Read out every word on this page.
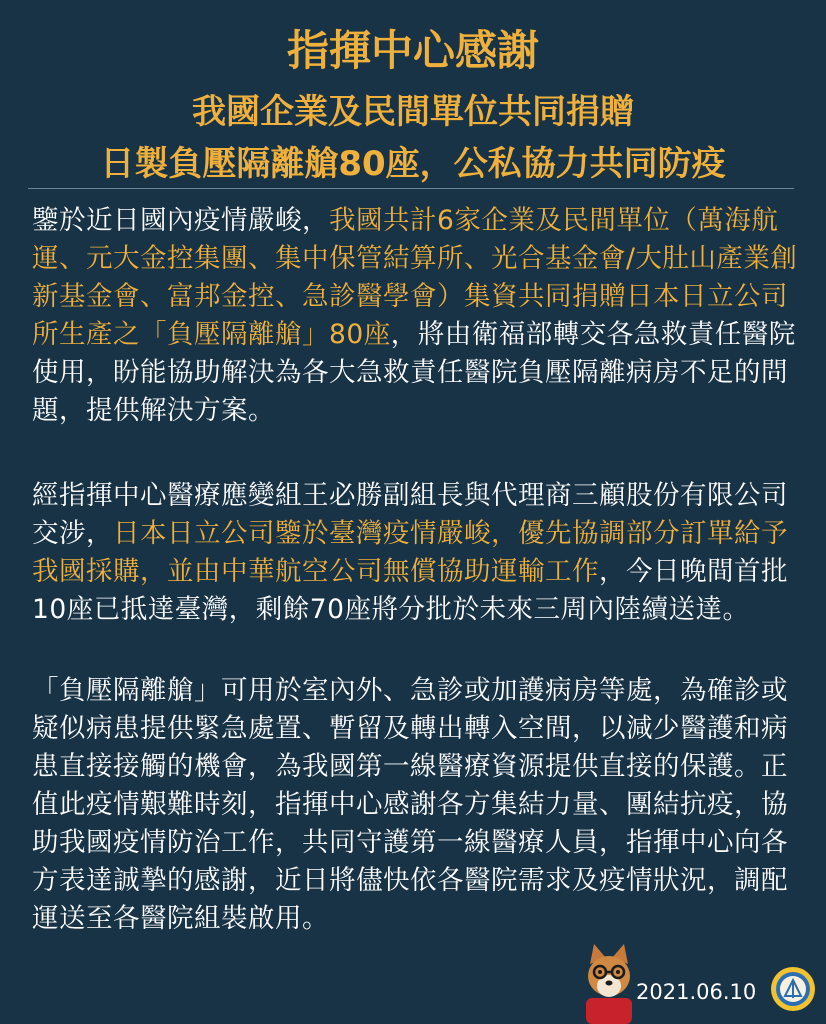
指揮中心感謝
我國企業及民間單位共同捐贈
日製負壓隔離艙80座，公私協力共同防疫

鑒於近日國內疫情嚴峻，我國共計6家企業及民間單位（萬海航運、元大金控集團、集中保管結算所、光合基金會/大肚山產業創新基金會、富邦金控、急診醫學會）集資共同捐贈日本日立公司所生產之「負壓隔離艙」80座，將由衛福部轉交各急救責任醫院使用，盼能協助解決為各大急救責任醫院負壓隔離病房不足的問題，提供解決方案。

經指揮中心醫療應變組王必勝副組長與代理商三顧股份有限公司交涉，日本日立公司鑒於臺灣疫情嚴峻，優先協調部分訂單給予我國採購，並由中華航空公司無償協助運輸工作，今日晚間首批10座已抵達臺灣，剩餘70座將分批於未來三周內陸續送達。

「負壓隔離艙」可用於室內外、急診或加護病房等處，為確診或疑似病患提供緊急處置、暫留及轉出轉入空間，以減少醫護和病患直接接觸的機會，為我國第一線醫療資源提供直接的保護。正值此疫情艱難時刻，指揮中心感謝各方集結力量、團結抗疫，協助我國疫情防治工作，共同守護第一線醫療人員，指揮中心向各方表達誠摯的感謝，近日將儘快依各醫院需求及疫情狀況，調配運送至各醫院組裝啟用。

2021.06.10
